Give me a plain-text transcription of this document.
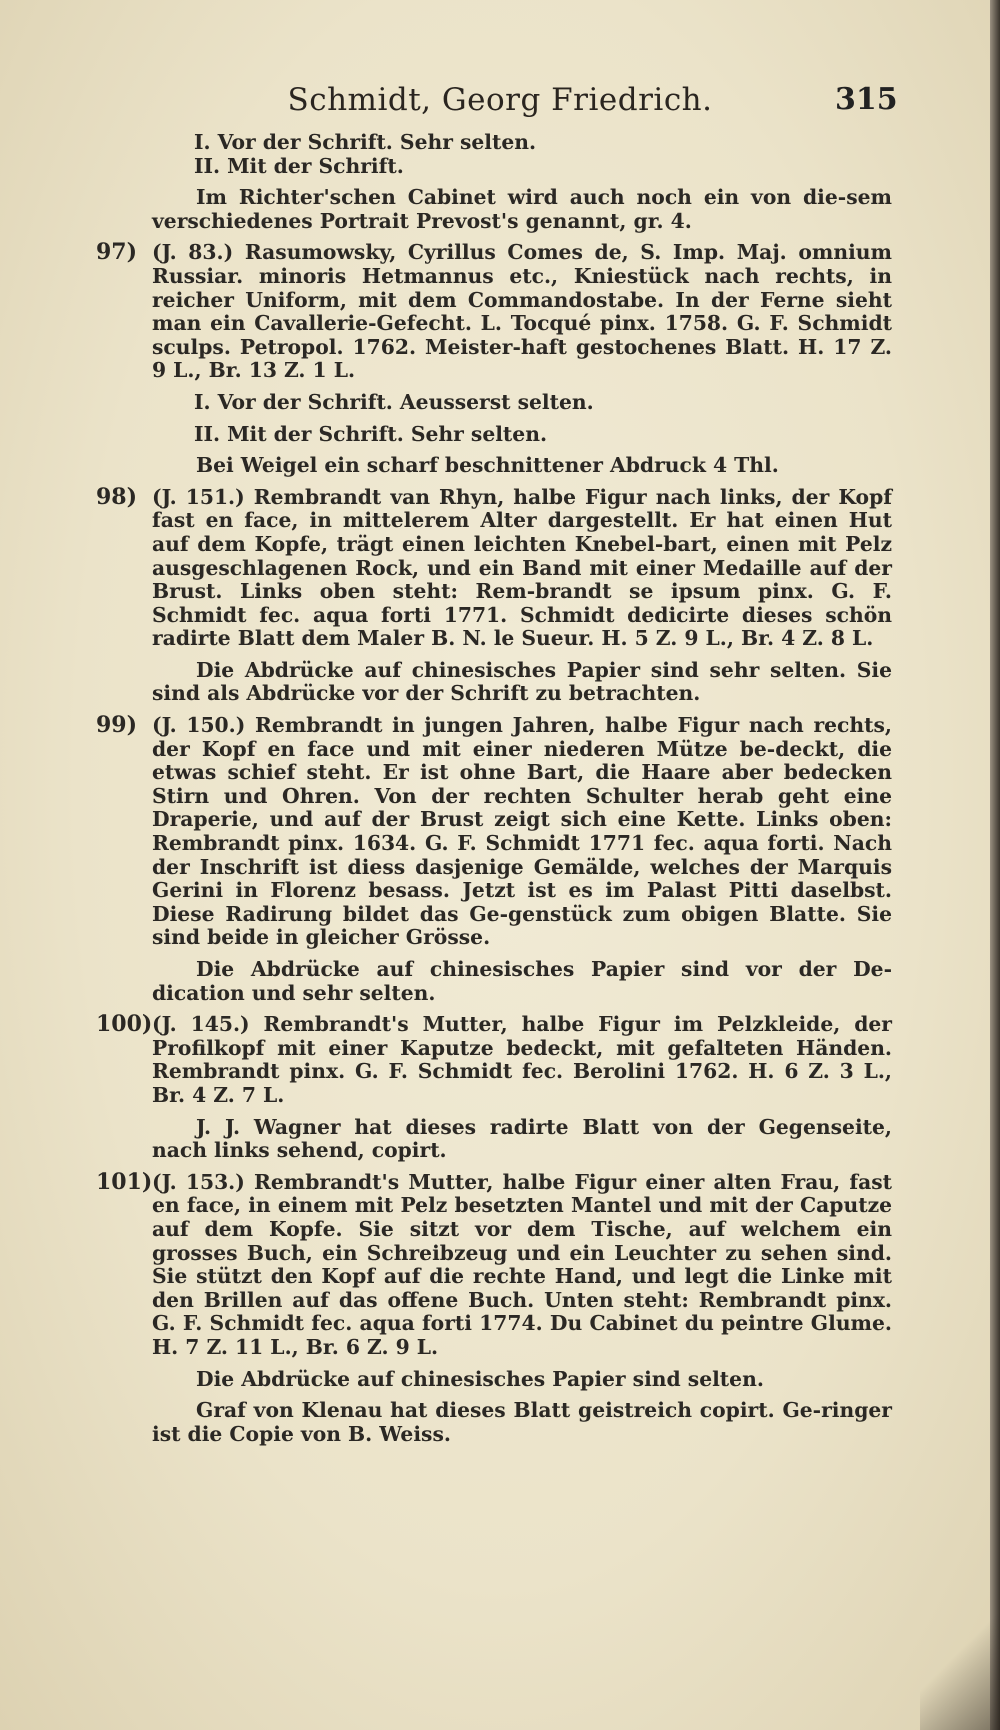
Schmidt, Georg Friedrich.	315

I. Vor der Schrift. Sehr selten.

II. Mit der Schrift.

Im Richter'schen Cabinet wird auch noch ein von die-sem verschiedenes Portrait Prevost's genannt, gr. 4.

97) (J. 83.) Rasumowsky, Cyrillus Comes de, S. Imp. Maj. omnium Russiar. minoris Hetmannus etc., Kniestück nach rechts, in reicher Uniform, mit dem Commandostabe. In der Ferne sieht man ein Cavallerie-Gefecht. L. Tocqué pinx. 1758. G. F. Schmidt sculps. Petropol. 1762. Meister-haft gestochenes Blatt. H. 17 Z. 9 L., Br. 13 Z. 1 L.

I. Vor der Schrift. Aeusserst selten.

II. Mit der Schrift. Sehr selten.

Bei Weigel ein scharf beschnittener Abdruck 4 Thl.

98) (J. 151.) Rembrandt van Rhyn, halbe Figur nach links, der Kopf fast en face, in mittelerem Alter dargestellt. Er hat einen Hut auf dem Kopfe, trägt einen leichten Knebel-bart, einen mit Pelz ausgeschlagenen Rock, und ein Band mit einer Medaille auf der Brust. Links oben steht: Rem-brandt se ipsum pinx. G. F. Schmidt fec. aqua forti 1771. Schmidt dedicirte dieses schön radirte Blatt dem Maler B. N. le Sueur. H. 5 Z. 9 L., Br. 4 Z. 8 L.

Die Abdrücke auf chinesisches Papier sind sehr selten. Sie sind als Abdrücke vor der Schrift zu betrachten.

99) (J. 150.) Rembrandt in jungen Jahren, halbe Figur nach rechts, der Kopf en face und mit einer niederen Mütze be-deckt, die etwas schief steht. Er ist ohne Bart, die Haare aber bedecken Stirn und Ohren. Von der rechten Schulter herab geht eine Draperie, und auf der Brust zeigt sich eine Kette. Links oben: Rembrandt pinx. 1634. G. F. Schmidt 1771 fec. aqua forti. Nach der Inschrift ist diess dasjenige Gemälde, welches der Marquis Gerini in Florenz besass. Jetzt ist es im Palast Pitti daselbst. Diese Radirung bildet das Ge-genstück zum obigen Blatte. Sie sind beide in gleicher Grösse.

Die Abdrücke auf chinesisches Papier sind vor der De-dication und sehr selten.

100) (J. 145.) Rembrandt's Mutter, halbe Figur im Pelzkleide, der Profilkopf mit einer Kaputze bedeckt, mit gefalteten Händen. Rembrandt pinx. G. F. Schmidt fec. Berolini 1762. H. 6 Z. 3 L., Br. 4 Z. 7 L.

J. J. Wagner hat dieses radirte Blatt von der Gegenseite, nach links sehend, copirt.

101) (J. 153.) Rembrandt's Mutter, halbe Figur einer alten Frau, fast en face, in einem mit Pelz besetzten Mantel und mit der Caputze auf dem Kopfe. Sie sitzt vor dem Tische, auf welchem ein grosses Buch, ein Schreibzeug und ein Leuchter zu sehen sind. Sie stützt den Kopf auf die rechte Hand, und legt die Linke mit den Brillen auf das offene Buch. Unten steht: Rembrandt pinx. G. F. Schmidt fec. aqua forti 1774. Du Cabinet du peintre Glume. H. 7 Z. 11 L., Br. 6 Z. 9 L.

Die Abdrücke auf chinesisches Papier sind selten.

Graf von Klenau hat dieses Blatt geistreich copirt. Ge-ringer ist die Copie von B. Weiss.
